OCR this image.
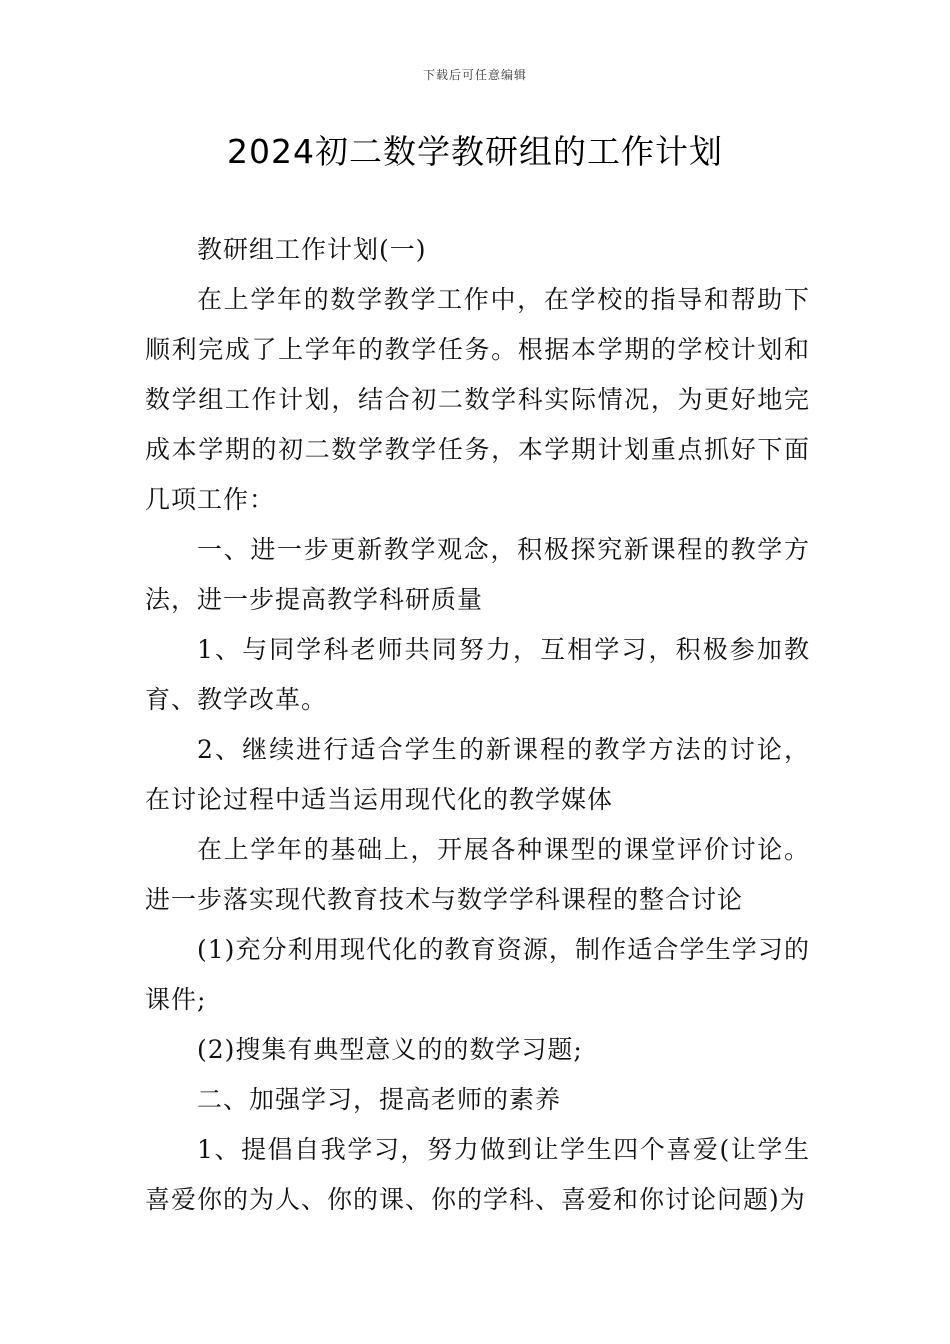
下载后可任意编辑
2024初二数学教研组的工作计划

教研组工作计划(一)

在上学年的数学教学工作中，在学校的指导和帮助下顺利完成了上学年的教学任务。根据本学期的学校计划和数学组工作计划，结合初二数学科实际情况，为更好地完成本学期的初二数学教学任务，本学期计划重点抓好下面几项工作：

一、进一步更新教学观念，积极探究新课程的教学方法，进一步提高教学科研质量

1、与同学科老师共同努力，互相学习，积极参加教育、教学改革。

2、继续进行适合学生的新课程的教学方法的讨论，在讨论过程中适当运用现代化的教学媒体

在上学年的基础上，开展各种课型的课堂评价讨论。进一步落实现代教育技术与数学学科课程的整合讨论

(1)充分利用现代化的教育资源，制作适合学生学习的课件;

(2)搜集有典型意义的的数学习题;

二、加强学习，提高老师的素养

1、提倡自我学习，努力做到让学生四个喜爱(让学生喜爱你的为人、你的课、你的学科、喜爱和你讨论问题)为
